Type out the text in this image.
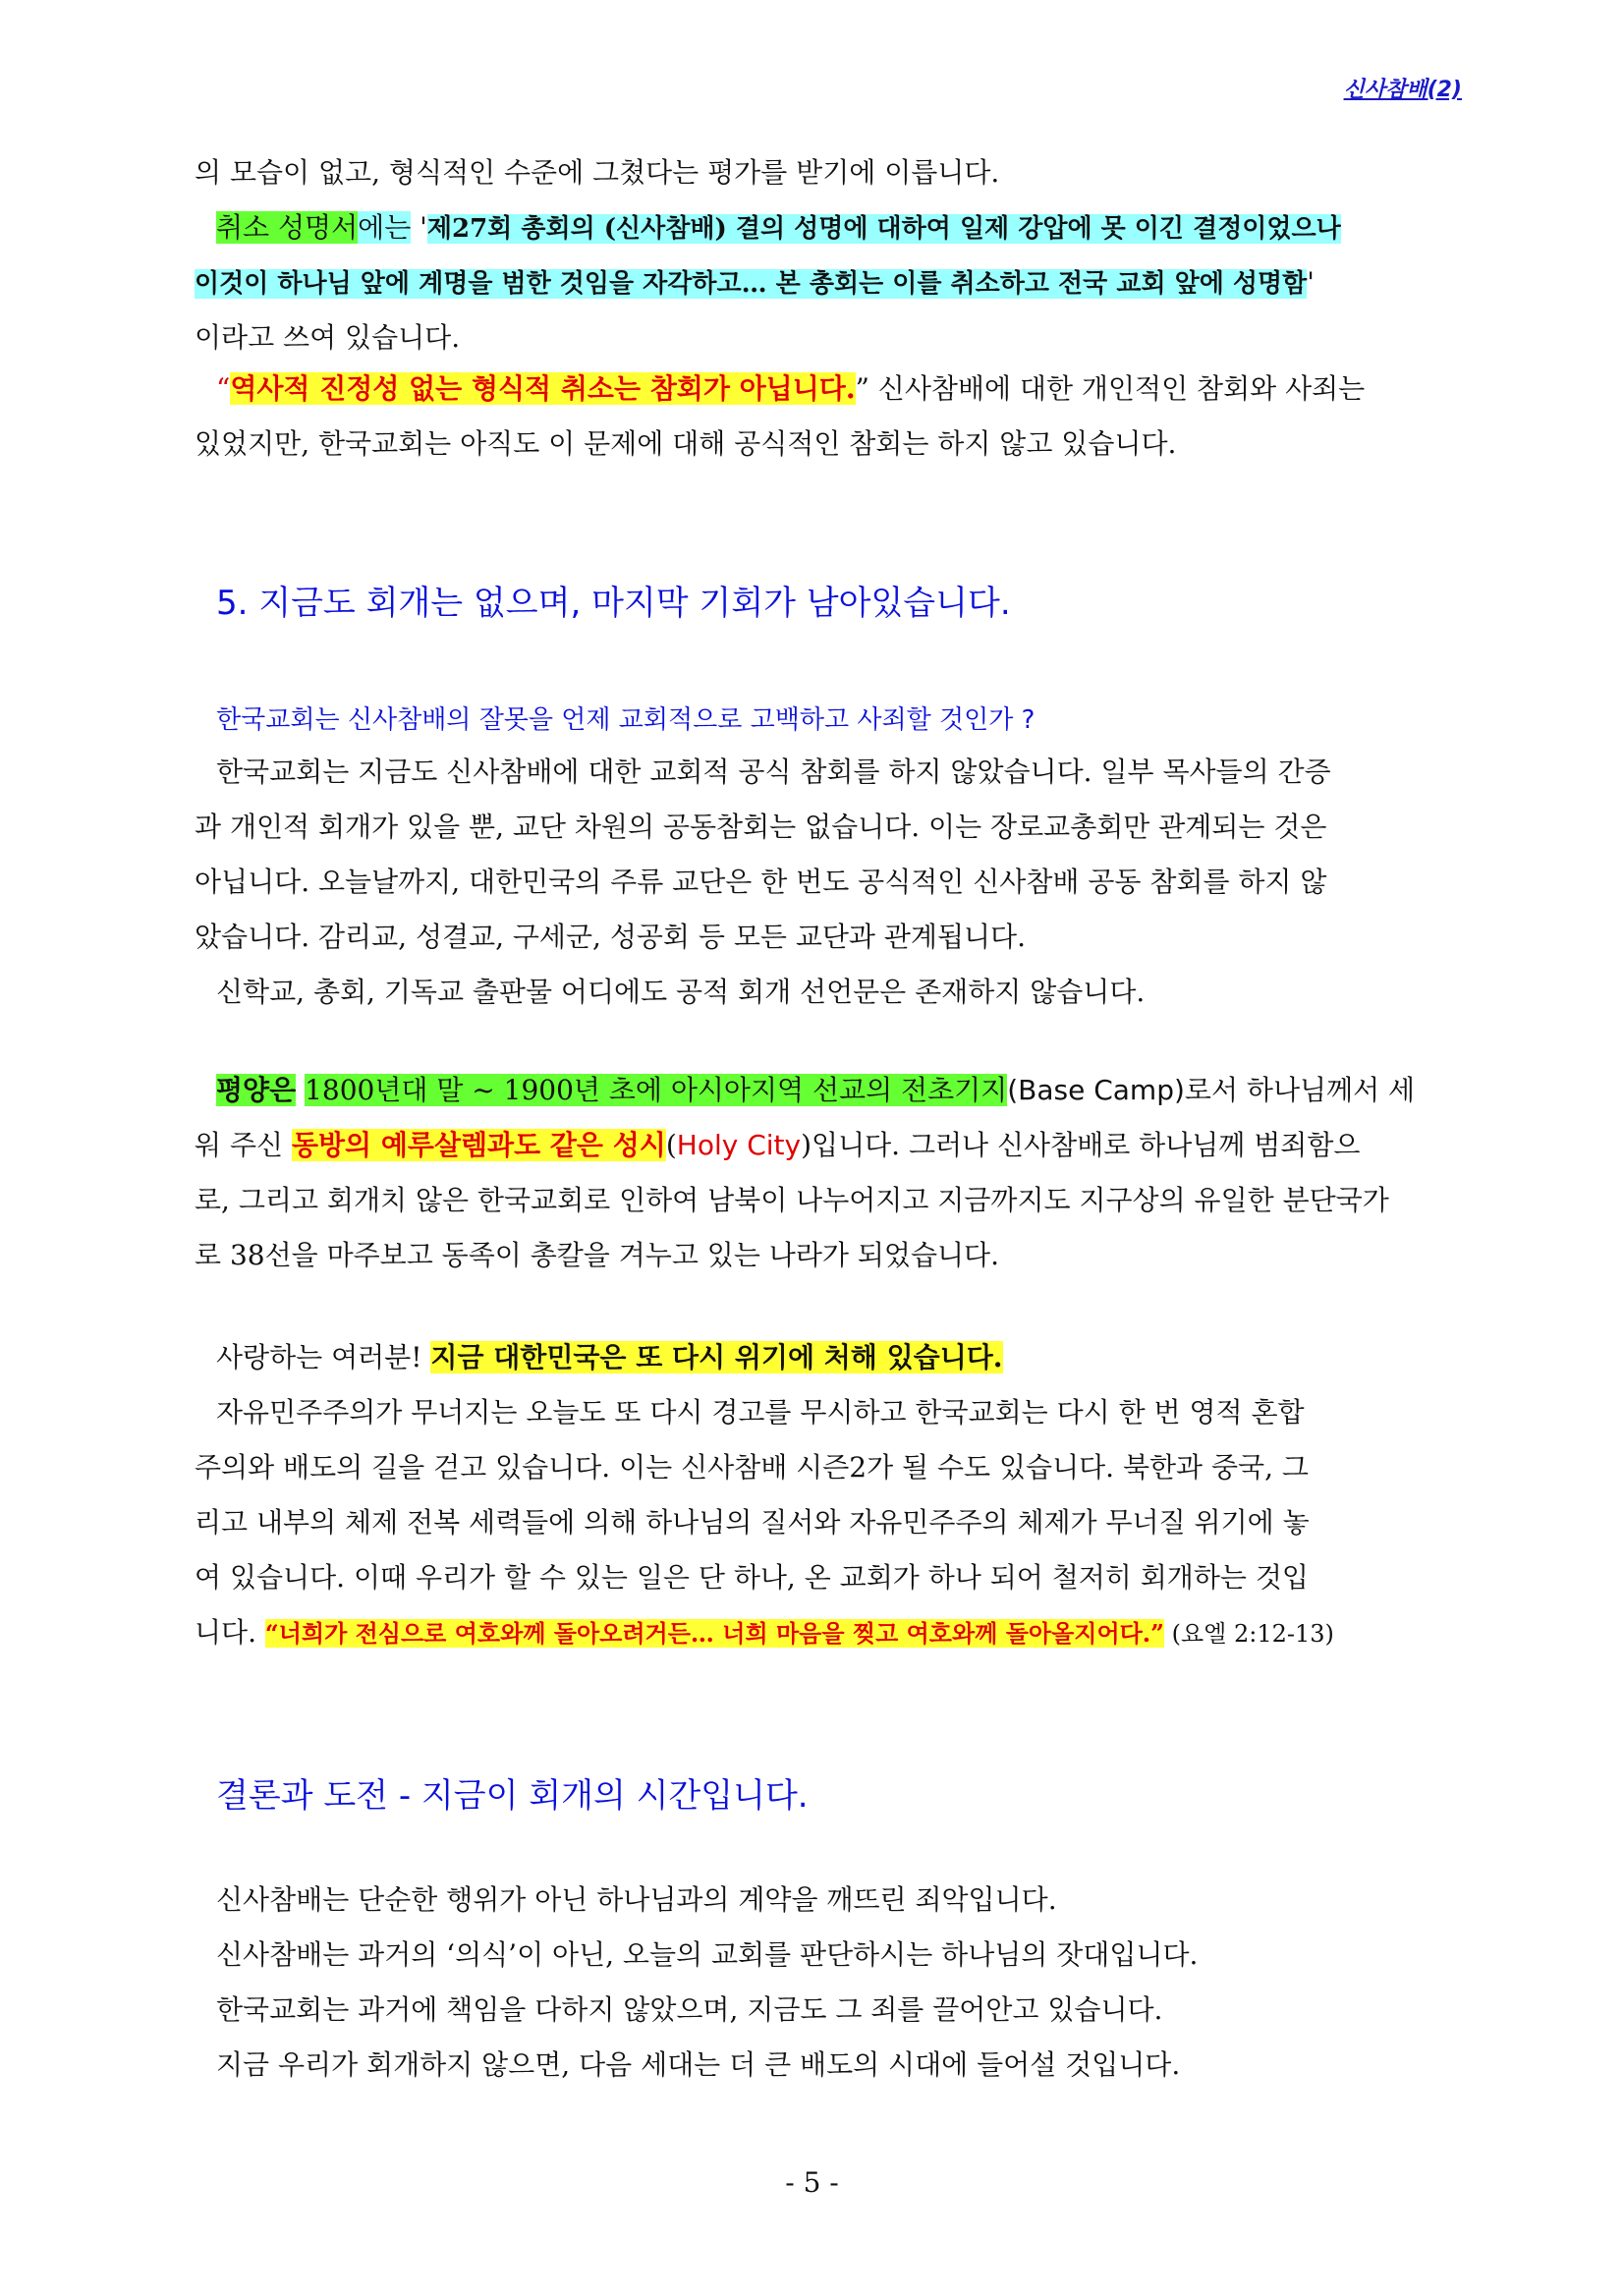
신사참배(2)
의 모습이 없고, 형식적인 수준에 그쳤다는 평가를 받기에 이릅니다.
취소 성명서에는 '제27회 총회의 (신사참배) 결의 성명에 대하여 일제 강압에 못 이긴 결정이었으나
이것이 하나님 앞에 계명을 범한 것임을 자각하고… 본 총회는 이를 취소하고 전국 교회 앞에 성명함'
이라고 쓰여 있습니다.
“역사적 진정성 없는 형식적 취소는 참회가 아닙니다.” 신사참배에 대한 개인적인 참회와 사죄는
있었지만, 한국교회는 아직도 이 문제에 대해 공식적인 참회는 하지 않고 있습니다.
5. 지금도 회개는 없으며, 마지막 기회가 남아있습니다.
한국교회는 신사참배의 잘못을 언제 교회적으로 고백하고 사죄할 것인가 ?
한국교회는 지금도 신사참배에 대한 교회적 공식 참회를 하지 않았습니다. 일부 목사들의 간증
과 개인적 회개가 있을 뿐, 교단 차원의 공동참회는 없습니다. 이는 장로교총회만 관계되는 것은
아닙니다. 오늘날까지, 대한민국의 주류 교단은 한 번도 공식적인 신사참배 공동 참회를 하지 않
았습니다. 감리교, 성결교, 구세군, 성공회 등 모든 교단과 관계됩니다.
신학교, 총회, 기독교 출판물 어디에도 공적 회개 선언문은 존재하지 않습니다.
평양은 1800년대 말 ~ 1900년 초에 아시아지역 선교의 전초기지(Base Camp)로서 하나님께서 세
워 주신 동방의 예루살렘과도 같은 성시(Holy City)입니다. 그러나 신사참배로 하나님께 범죄함으
로, 그리고 회개치 않은 한국교회로 인하여 남북이 나누어지고 지금까지도 지구상의 유일한 분단국가
로 38선을 마주보고 동족이 총칼을 겨누고 있는 나라가 되었습니다.
사랑하는 여러분! 지금 대한민국은 또 다시 위기에 처해 있습니다.
자유민주주의가 무너지는 오늘도 또 다시 경고를 무시하고 한국교회는 다시 한 번 영적 혼합
주의와 배도의 길을 걷고 있습니다. 이는 신사참배 시즌2가 될 수도 있습니다. 북한과 중국, 그
리고 내부의 체제 전복 세력들에 의해 하나님의 질서와 자유민주주의 체제가 무너질 위기에 놓
여 있습니다. 이때 우리가 할 수 있는 일은 단 하나, 온 교회가 하나 되어 철저히 회개하는 것입
니다. “너희가 전심으로 여호와께 돌아오려거든… 너희 마음을 찢고 여호와께 돌아올지어다.” (요엘 2:12-13)
결론과 도전 - 지금이 회개의 시간입니다.
신사참배는 단순한 행위가 아닌 하나님과의 계약을 깨뜨린 죄악입니다.
신사참배는 과거의 ‘의식’이 아닌, 오늘의 교회를 판단하시는 하나님의 잣대입니다.
한국교회는 과거에 책임을 다하지 않았으며, 지금도 그 죄를 끌어안고 있습니다.
지금 우리가 회개하지 않으면, 다음 세대는 더 큰 배도의 시대에 들어설 것입니다.
- 5 -
